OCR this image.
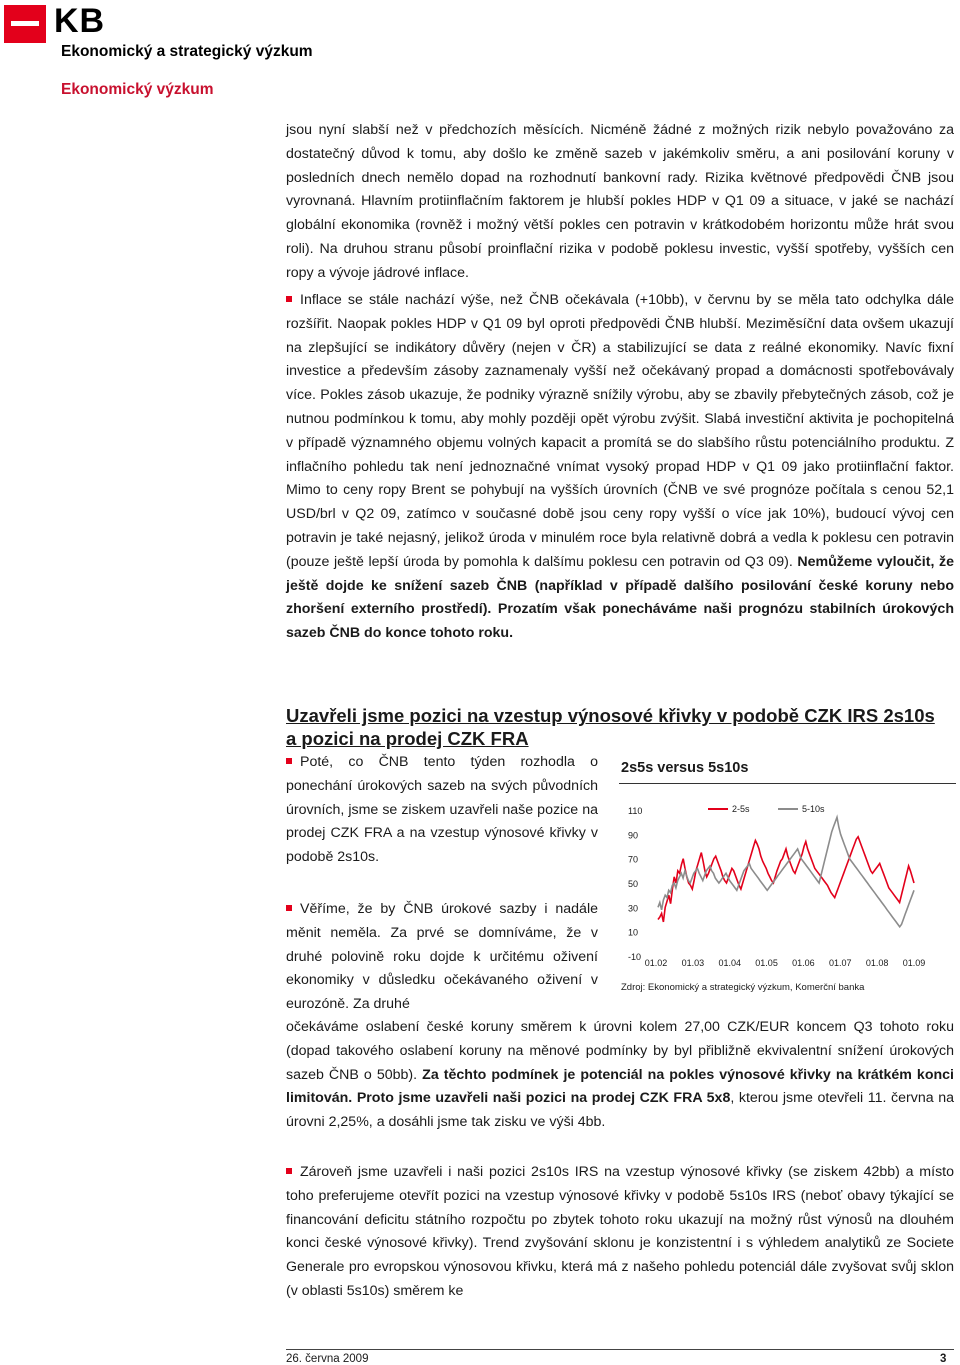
KB
Ekonomický a strategický výzkum
Ekonomický výzkum

jsou nyní slabší než v předchozích měsících. Nicméně žádné z možných rizik nebylo považováno za dostatečný důvod k tomu, aby došlo ke změně sazeb v jakémkoliv směru, a ani posilování koruny v posledních dnech nemělo dopad na rozhodnutí bankovní rady. Rizika květnové předpovědi ČNB jsou vyrovnaná. Hlavním protiinflačním faktorem je hlubší pokles HDP v Q1 09 a situace, v jaké se nachází globální ekonomika (rovněž i možný větší pokles cen potravin v krátkodobém horizontu může hrát svou roli). Na druhou stranu působí proinflační rizika v podobě poklesu investic, vyšší spotřeby, vyšších cen ropy a vývoje jádrové inflace.

Inflace se stále nachází výše, než ČNB očekávala (+10bb), v červnu by se měla tato odchylka dále rozšířit. Naopak pokles HDP v Q1 09 byl oproti předpovědi ČNB hlubší. Meziměsíční data ovšem ukazují na zlepšující se indikátory důvěry (nejen v ČR) a stabilizující se data z reálné ekonomiky. Navíc fixní investice a především zásoby zaznamenaly vyšší než očekávaný propad a domácnosti spotřebovávaly více. Pokles zásob ukazuje, že podniky výrazně snížily výrobu, aby se zbavily přebytečných zásob, což je nutnou podmínkou k tomu, aby mohly později opět výrobu zvýšit. Slabá investiční aktivita je pochopitelná v případě významného objemu volných kapacit a promítá se do slabšího růstu potenciálního produktu. Z inflačního pohledu tak není jednoznačné vnímat vysoký propad HDP v Q1 09 jako protiinflační faktor. Mimo to ceny ropy Brent se pohybují na vyšších úrovních (ČNB ve své prognóze počítala s cenou 52,1 USD/brl v Q2 09, zatímco v současné době jsou ceny ropy vyšší o více jak 10%), budoucí vývoj cen potravin je také nejasný, jelikož úroda v minulém roce byla relativně dobrá a vedla k poklesu cen potravin (pouze ještě lepší úroda by pomohla k dalšímu poklesu cen potravin od Q3 09). Nemůžeme vyloučit, že ještě dojde ke snížení sazeb ČNB (například v případě dalšího posilování české koruny nebo zhoršení externího prostředí). Prozatím však ponecháváme naši prognózu stabilních úrokových sazeb ČNB do konce tohoto roku.

Uzavřeli jsme pozici na vzestup výnosové křivky v podobě CZK IRS 2s10s a pozici na prodej CZK FRA

Poté, co ČNB tento týden rozhodla o ponechání úrokových sazeb na svých původních úrovních, jsme se ziskem uzavřeli naše pozice na prodej CZK FRA a na vzestup výnosové křivky v podobě 2s10s.

Věříme, že by ČNB úrokové sazby i nadále měnit neměla. Za prvé se domníváme, že v druhé polovině roku dojde k určitému oživení ekonomiky v důsledku očekávaného oživení v eurozóně. Za druhé

2s5s versus 5s10s
110
90
70
50
30
10
-10
01.02 01.03 01.04 01.05 01.06 01.07 01.08 01.09
2-5s	5-10s
Zdroj: Ekonomický a strategický výzkum, Komerční banka

očekáváme oslabení české koruny směrem k úrovni kolem 27,00 CZK/EUR koncem Q3 tohoto roku (dopad takového oslabení koruny na měnové podmínky by byl přibližně ekvivalentní snížení úrokových sazeb ČNB o 50bb). Za těchto podmínek je potenciál na pokles výnosové křivky na krátkém konci limitován. Proto jsme uzavřeli naši pozici na prodej CZK FRA 5x8, kterou jsme otevřeli 11. června na úrovni 2,25%, a dosáhli jsme tak zisku ve výši 4bb.

Zároveň jsme uzavřeli i naši pozici 2s10s IRS na vzestup výnosové křivky (se ziskem 42bb) a místo toho preferujeme otevřít pozici na vzestup výnosové křivky v podobě 5s10s IRS (neboť obavy týkající se financování deficitu státního rozpočtu po zbytek tohoto roku ukazují na možný růst výnosů na dlouhém konci české výnosové křivky). Trend zvyšování sklonu je konzistentní i s výhledem analytiků ze Societe Generale pro evropskou výnosovou křivku, která má z našeho pohledu potenciál dále zvyšovat svůj sklon (v oblasti 5s10s) směrem ke

26. června 2009	3
